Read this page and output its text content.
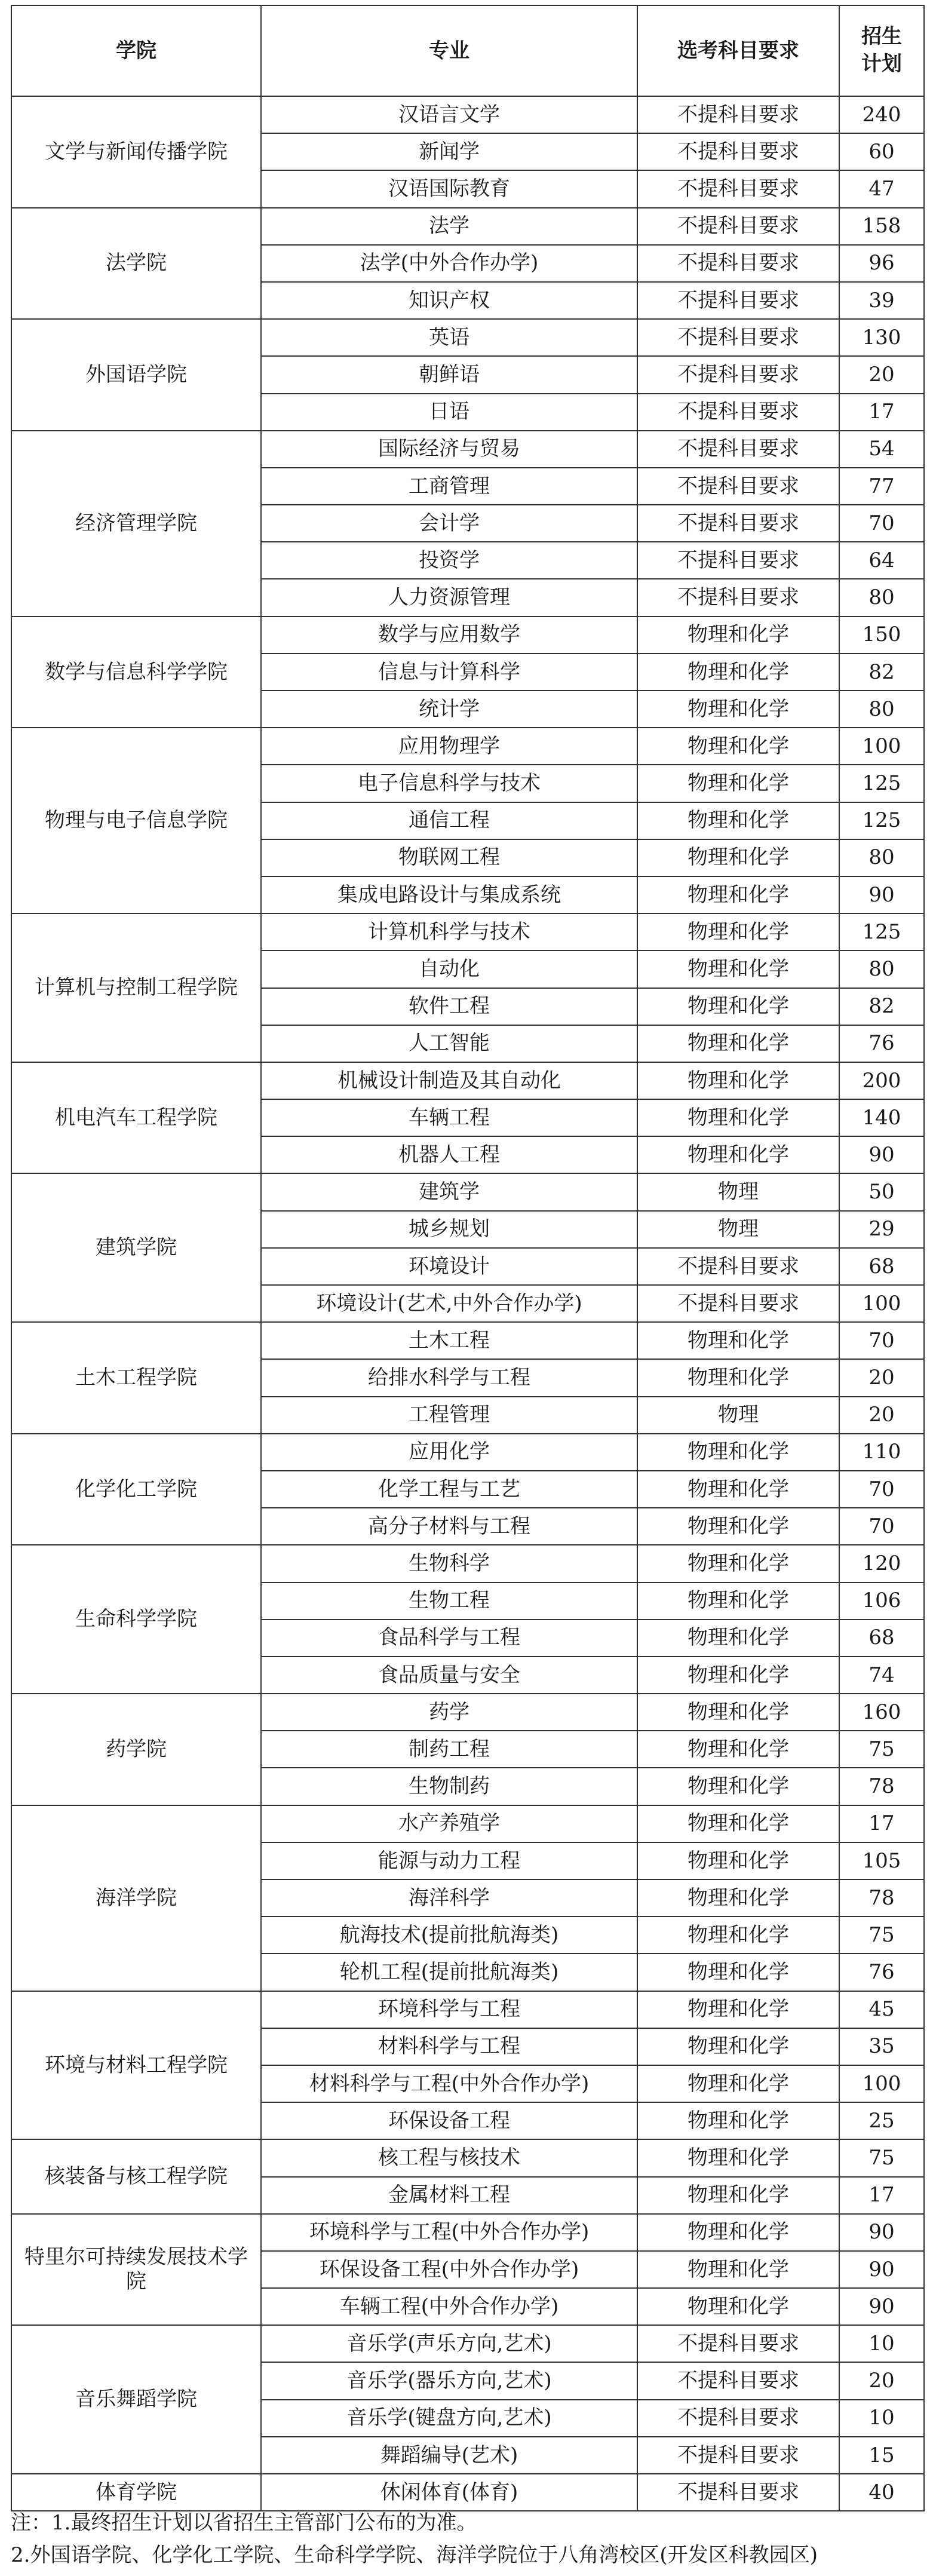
学院	专业	选考科目要求	招生
计划
文学与新闻传播学院	汉语言文学	不提科目要求	240
	新闻学	不提科目要求	60
	汉语国际教育	不提科目要求	47
法学院	法学	不提科目要求	158
	法学(中外合作办学)	不提科目要求	96
	知识产权	不提科目要求	39
外国语学院	英语	不提科目要求	130
	朝鲜语	不提科目要求	20
	日语	不提科目要求	17
经济管理学院	国际经济与贸易	不提科目要求	54
	工商管理	不提科目要求	77
	会计学	不提科目要求	70
	投资学	不提科目要求	64
	人力资源管理	不提科目要求	80
数学与信息科学学院	数学与应用数学	物理和化学	150
	信息与计算科学	物理和化学	82
	统计学	物理和化学	80
物理与电子信息学院	应用物理学	物理和化学	100
	电子信息科学与技术	物理和化学	125
	通信工程	物理和化学	125
	物联网工程	物理和化学	80
	集成电路设计与集成系统	物理和化学	90
计算机与控制工程学院	计算机科学与技术	物理和化学	125
	自动化	物理和化学	80
	软件工程	物理和化学	82
	人工智能	物理和化学	76
机电汽车工程学院	机械设计制造及其自动化	物理和化学	200
	车辆工程	物理和化学	140
	机器人工程	物理和化学	90
建筑学院	建筑学	物理	50
	城乡规划	物理	29
	环境设计	不提科目要求	68
	环境设计(艺术,中外合作办学)	不提科目要求	100
土木工程学院	土木工程	物理和化学	70
	给排水科学与工程	物理和化学	20
	工程管理	物理	20
化学化工学院	应用化学	物理和化学	110
	化学工程与工艺	物理和化学	70
	高分子材料与工程	物理和化学	70
生命科学学院	生物科学	物理和化学	120
	生物工程	物理和化学	106
	食品科学与工程	物理和化学	68
	食品质量与安全	物理和化学	74
药学院	药学	物理和化学	160
	制药工程	物理和化学	75
	生物制药	物理和化学	78
海洋学院	水产养殖学	物理和化学	17
	能源与动力工程	物理和化学	105
	海洋科学	物理和化学	78
	航海技术(提前批航海类)	物理和化学	75
	轮机工程(提前批航海类)	物理和化学	76
环境与材料工程学院	环境科学与工程	物理和化学	45
	材料科学与工程	物理和化学	35
	材料科学与工程(中外合作办学)	物理和化学	100
	环保设备工程	物理和化学	25
核装备与核工程学院	核工程与核技术	物理和化学	75
	金属材料工程	物理和化学	17
特里尔可持续发展技术学院	环境科学与工程(中外合作办学)	物理和化学	90
	环保设备工程(中外合作办学)	物理和化学	90
	车辆工程(中外合作办学)	物理和化学	90
音乐舞蹈学院	音乐学(声乐方向,艺术)	不提科目要求	10
	音乐学(器乐方向,艺术)	不提科目要求	20
	音乐学(键盘方向,艺术)	不提科目要求	10
	舞蹈编导(艺术)	不提科目要求	15
体育学院	休闲体育(体育)	不提科目要求	40
注：1.最终招生计划以省招生主管部门公布的为准。
2.外国语学院、化学化工学院、生命科学学院、海洋学院位于八角湾校区(开发区科教园区)
